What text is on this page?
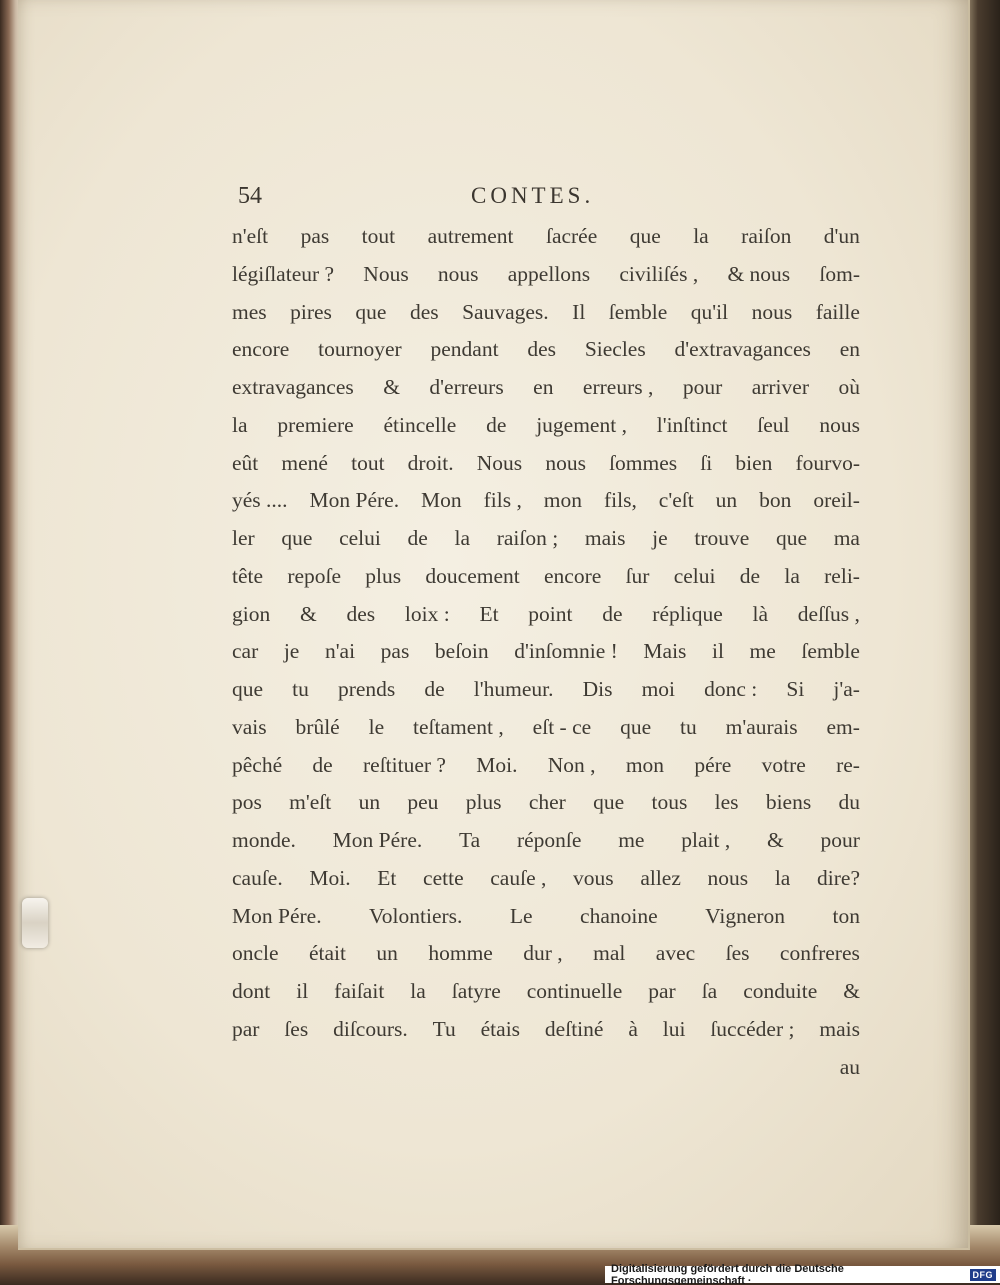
54	CONTES.
n'eſt pas tout autrement ſacrée que la raiſon d'un
légiſlateur ? Nous nous appellons civiliſés , & nous ſom-
mes pires que des Sauvages. Il ſemble qu'il nous faille
encore tournoyer pendant des Siecles d'extravagances en
extravagances & d'erreurs en erreurs , pour arriver où
la premiere étincelle de jugement , l'inſtinct ſeul nous
eût mené tout droit. Nous nous ſommes ſi bien fourvo-
yés .... Mon Pére. Mon fils , mon fils, c'eſt un bon oreil-
ler que celui de la raiſon ; mais je trouve que ma
tête repoſe plus doucement encore ſur celui de la reli-
gion & des loix : Et point de réplique là deſſus ,
car je n'ai pas beſoin d'inſomnie ! Mais il me ſemble
que tu prends de l'humeur. Dis moi donc : Si j'a-
vais brûlé le teſtament , eſt - ce que tu m'aurais em-
pêché de reſtituer ? Moi. Non , mon pére votre re-
pos m'eſt un peu plus cher que tous les biens du
monde. Mon Pére. Ta réponſe me plait , & pour
cauſe. Moi. Et cette cauſe , vous allez nous la dire?
Mon Pére. Volontiers. Le chanoine Vigneron ton
oncle était un homme dur , mal avec ſes confreres
dont il faiſait la ſatyre continuelle par ſa conduite &
par ſes diſcours. Tu étais deſtiné à lui ſuccéder ; mais
au
Digitalisierung gefördert durch die Deutsche Forschungsgemeinschaft ·	DFG
